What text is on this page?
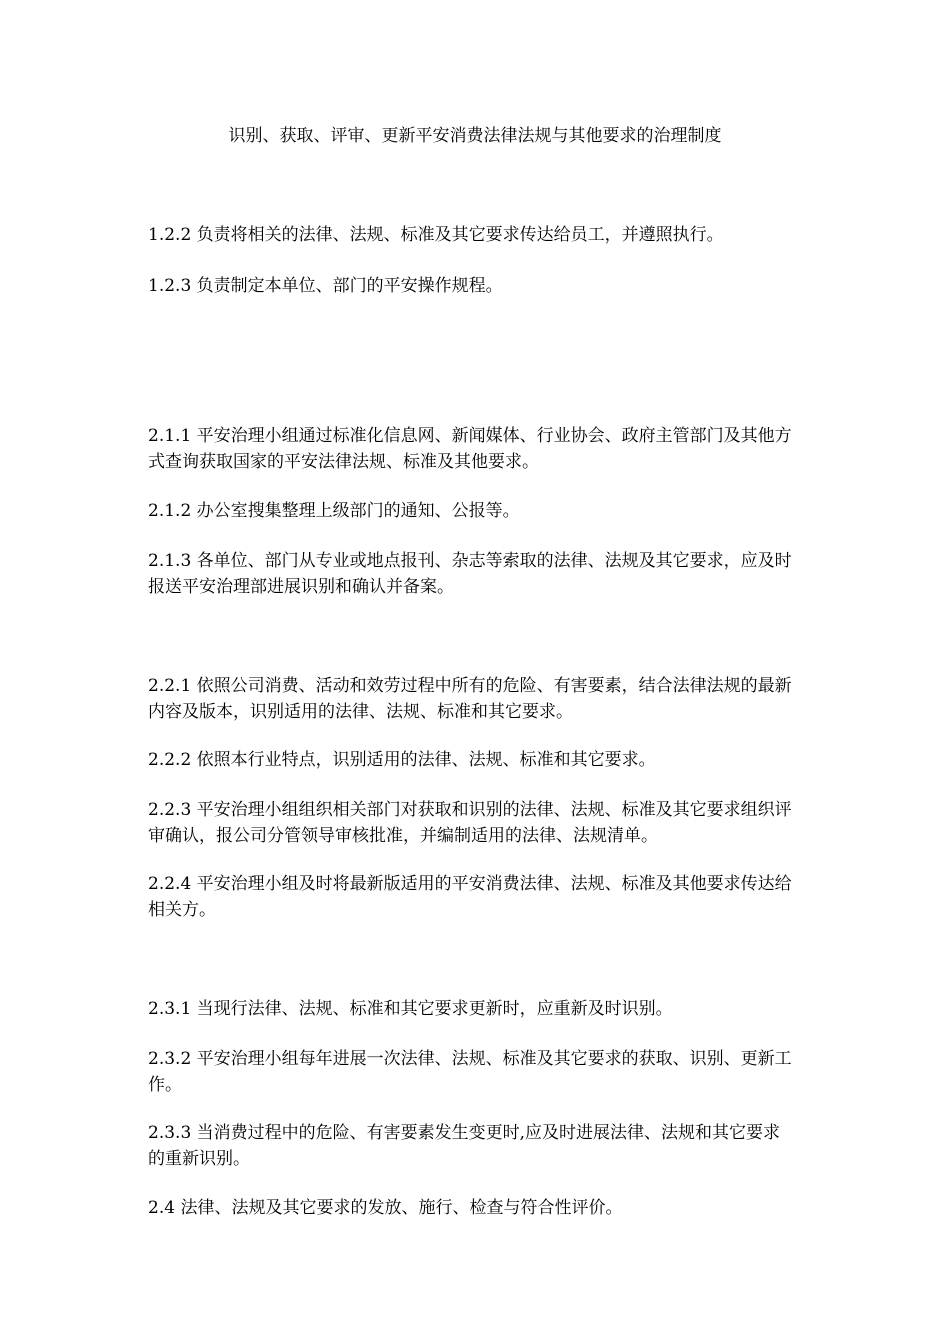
识别、获取、评审、更新平安消费法律法规与其他要求的治理制度
1.2.2 负责将相关的法律、法规、标准及其它要求传达给员工，并遵照执行。
1.2.3 负责制定本单位、部门的平安操作规程。
2.1.1 平安治理小组通过标准化信息网、新闻媒体、行业协会、政府主管部门及其他方式查询获取国家的平安法律法规、标准及其他要求。
2.1.2 办公室搜集整理上级部门的通知、公报等。
2.1.3 各单位、部门从专业或地点报刊、杂志等索取的法律、法规及其它要求，应及时报送平安治理部进展识别和确认并备案。
2.2.1 依照公司消费、活动和效劳过程中所有的危险、有害要素，结合法律法规的最新内容及版本，识别适用的法律、法规、标准和其它要求。
2.2.2 依照本行业特点，识别适用的法律、法规、标准和其它要求。
2.2.3 平安治理小组组织相关部门对获取和识别的法律、法规、标准及其它要求组织评审确认，报公司分管领导审核批准，并编制适用的法律、法规清单。
2.2.4 平安治理小组及时将最新版适用的平安消费法律、法规、标准及其他要求传达给相关方。
2.3.1 当现行法律、法规、标准和其它要求更新时，应重新及时识别。
2.3.2 平安治理小组每年进展一次法律、法规、标准及其它要求的获取、识别、更新工作。
2.3.3 当消费过程中的危险、有害要素发生变更时,应及时进展法律、法规和其它要求的重新识别。
2.4 法律、法规及其它要求的发放、施行、检查与符合性评价。
